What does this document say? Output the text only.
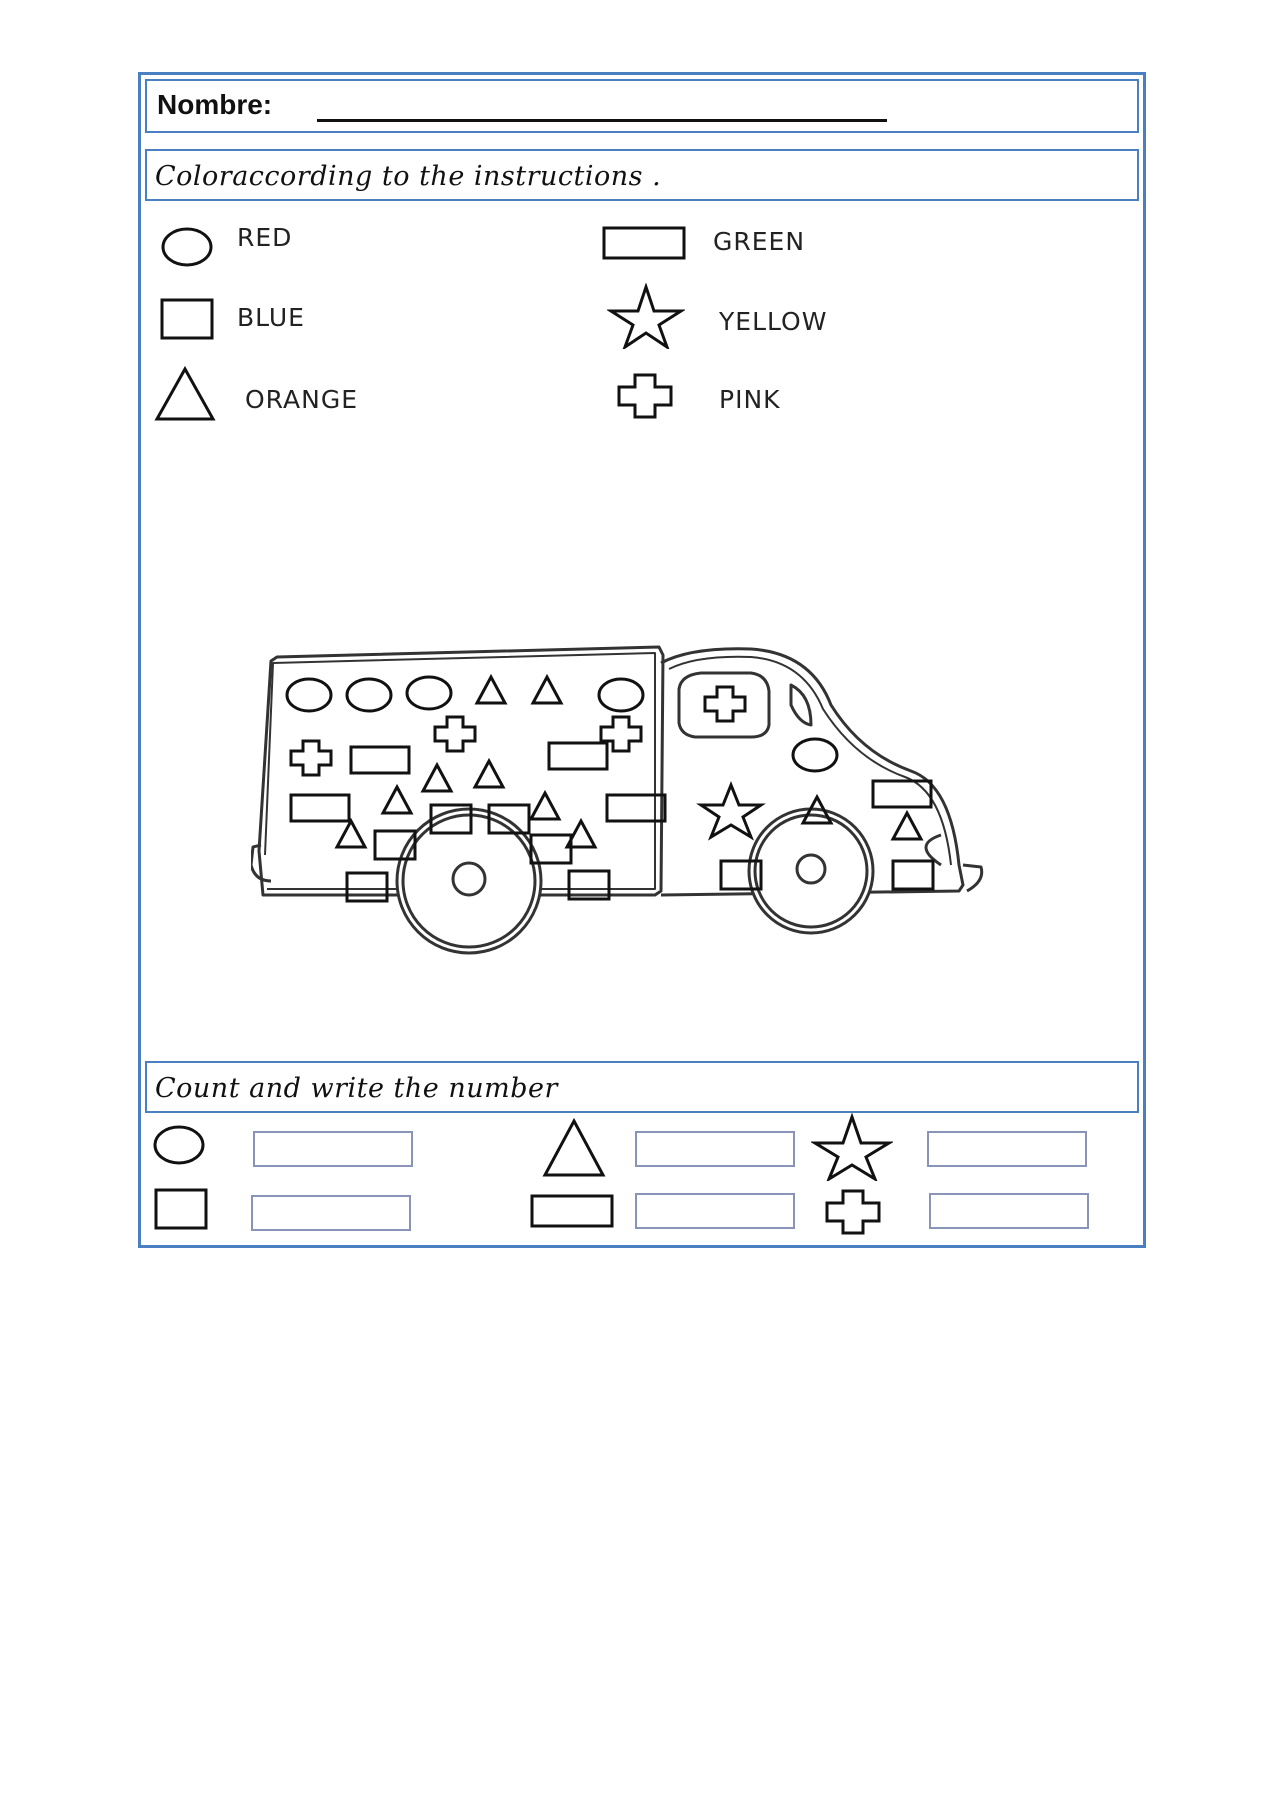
Nombre:
Coloraccording to the instructions .
RED
BLUE
ORANGE
GREEN
YELLOW
PINK
Count and write the number
